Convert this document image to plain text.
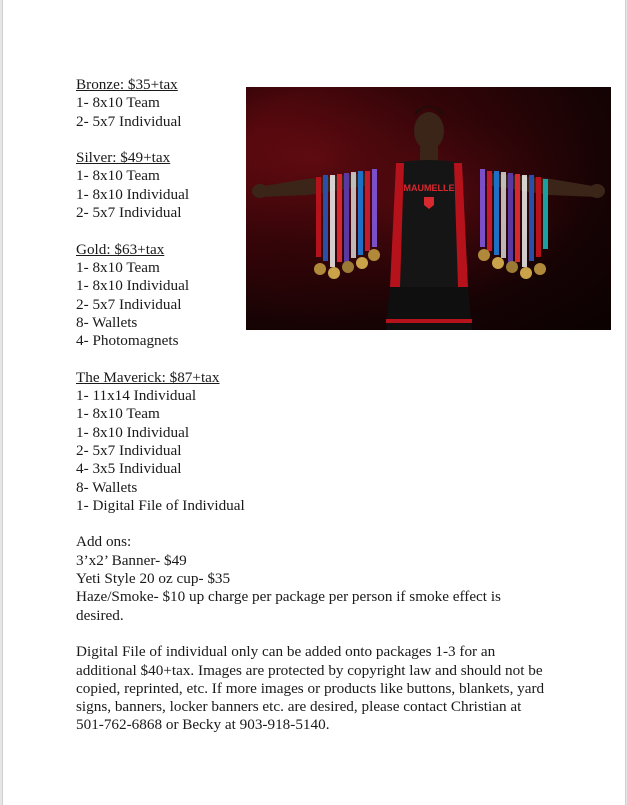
Bronze: $35+tax
1- 8x10 Team
2- 5x7 Individual
Silver: $49+tax
1- 8x10 Team
1- 8x10 Individual
2- 5x7 Individual
Gold: $63+tax
1- 8x10 Team
1- 8x10 Individual
2- 5x7 Individual
8- Wallets
4- Photomagnets
The Maverick: $87+tax
1- 11x14 Individual
1- 8x10 Team
1- 8x10 Individual
2- 5x7 Individual
4- 3x5 Individual
8- Wallets
1- Digital File of Individual
Add ons:
3’x2’ Banner- $49
Yeti Style 20 oz cup- $35
Haze/Smoke- $10 up charge per package per person if smoke effect is desired.
Digital File of individual only can be added onto packages 1-3 for an additional $40+tax. Images are protected by copyright law and should not be copied, reprinted, etc. If more images or products like buttons, blankets, yard signs, banners, locker banners etc. are desired, please contact Christian at 501-762-6868 or Becky at 903-918-5140.
MAUMELLE
